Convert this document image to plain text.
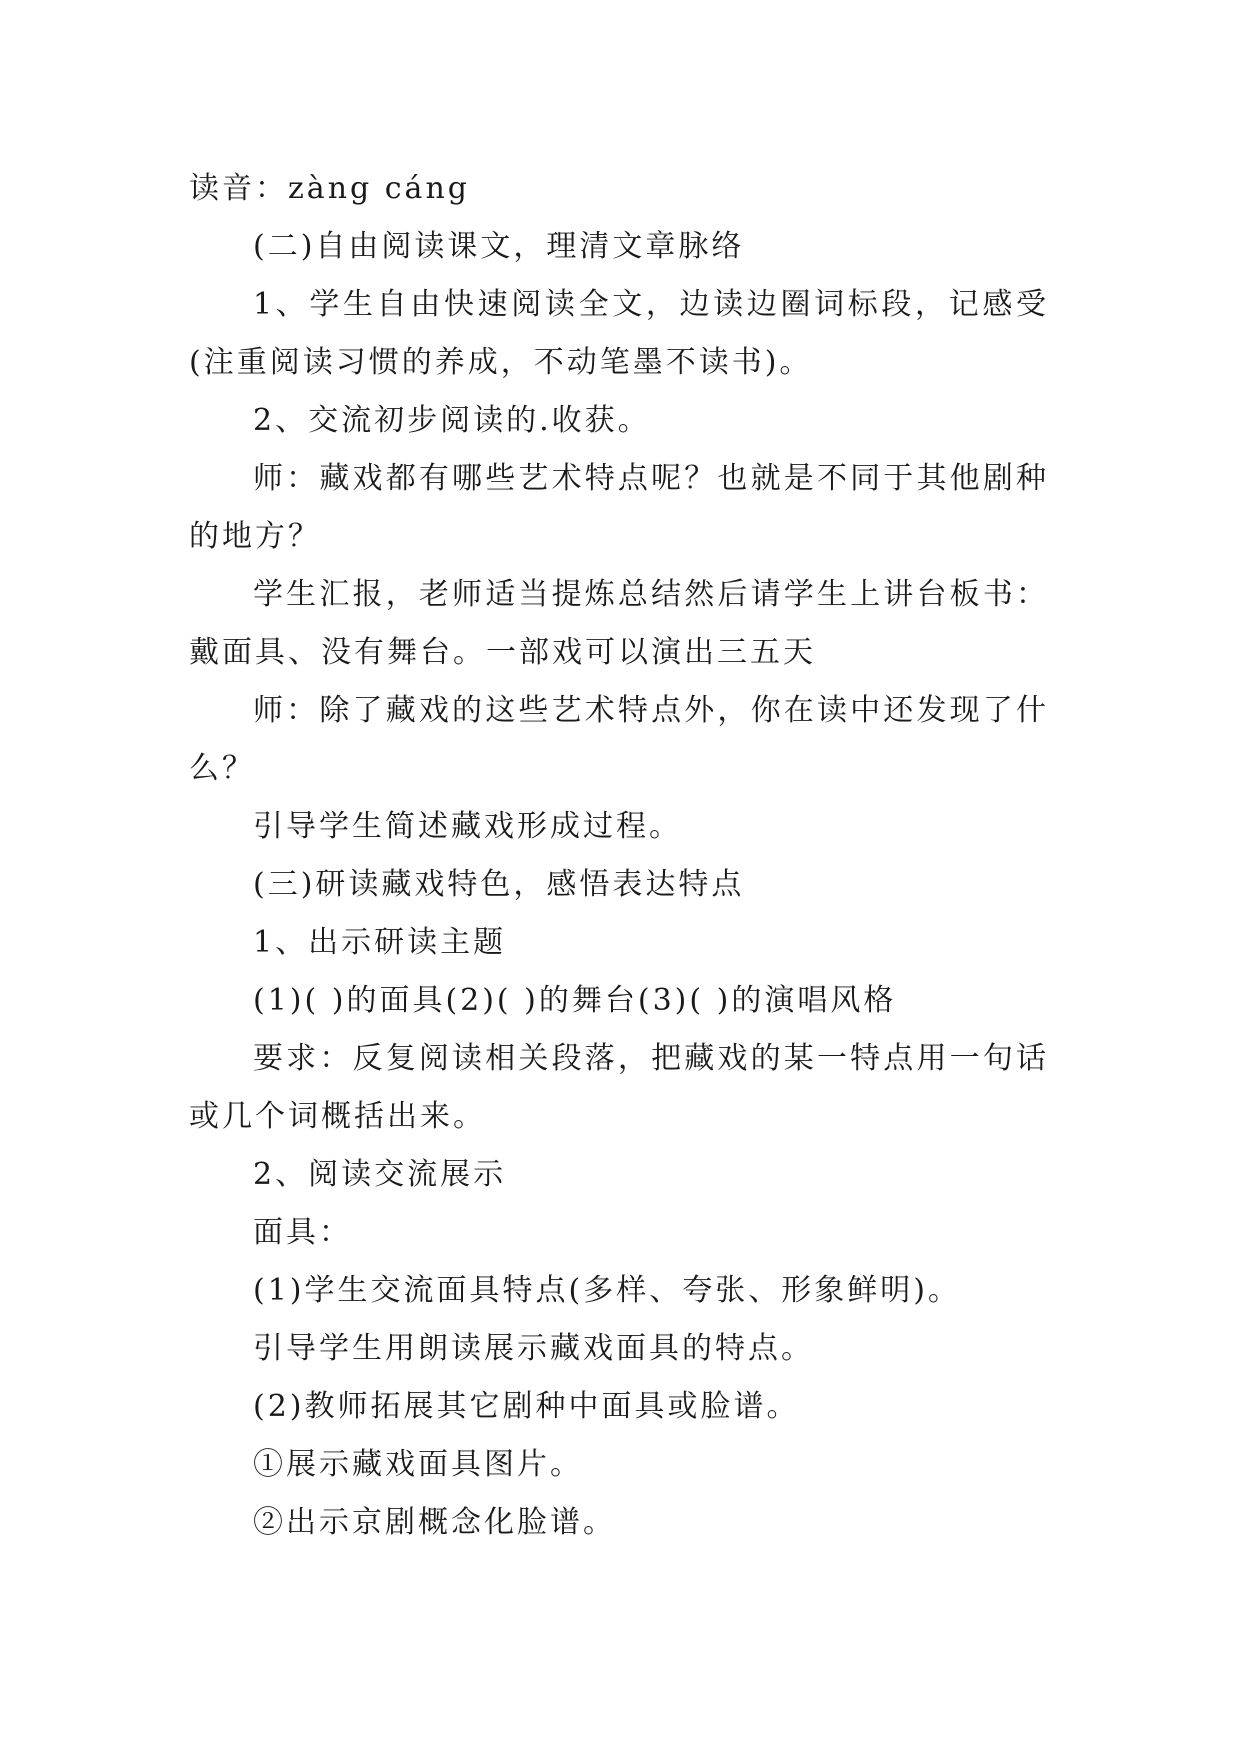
读音：zàng cáng

(二)自由阅读课文，理清文章脉络

1、学生自由快速阅读全文，边读边圈词标段，记感受(注重阅读习惯的养成，不动笔墨不读书)。

2、交流初步阅读的.收获。

师：藏戏都有哪些艺术特点呢？也就是不同于其他剧种的地方？

学生汇报，老师适当提炼总结然后请学生上讲台板书：戴面具、没有舞台。一部戏可以演出三五天

师：除了藏戏的这些艺术特点外，你在读中还发现了什么？

引导学生简述藏戏形成过程。

(三)研读藏戏特色，感悟表达特点

1、出示研读主题

(1)( )的面具(2)( )的舞台(3)( )的演唱风格

要求：反复阅读相关段落，把藏戏的某一特点用一句话或几个词概括出来。

2、阅读交流展示

面具：

(1)学生交流面具特点(多样、夸张、形象鲜明)。

引导学生用朗读展示藏戏面具的特点。

(2)教师拓展其它剧种中面具或脸谱。

①展示藏戏面具图片。

②出示京剧概念化脸谱。
